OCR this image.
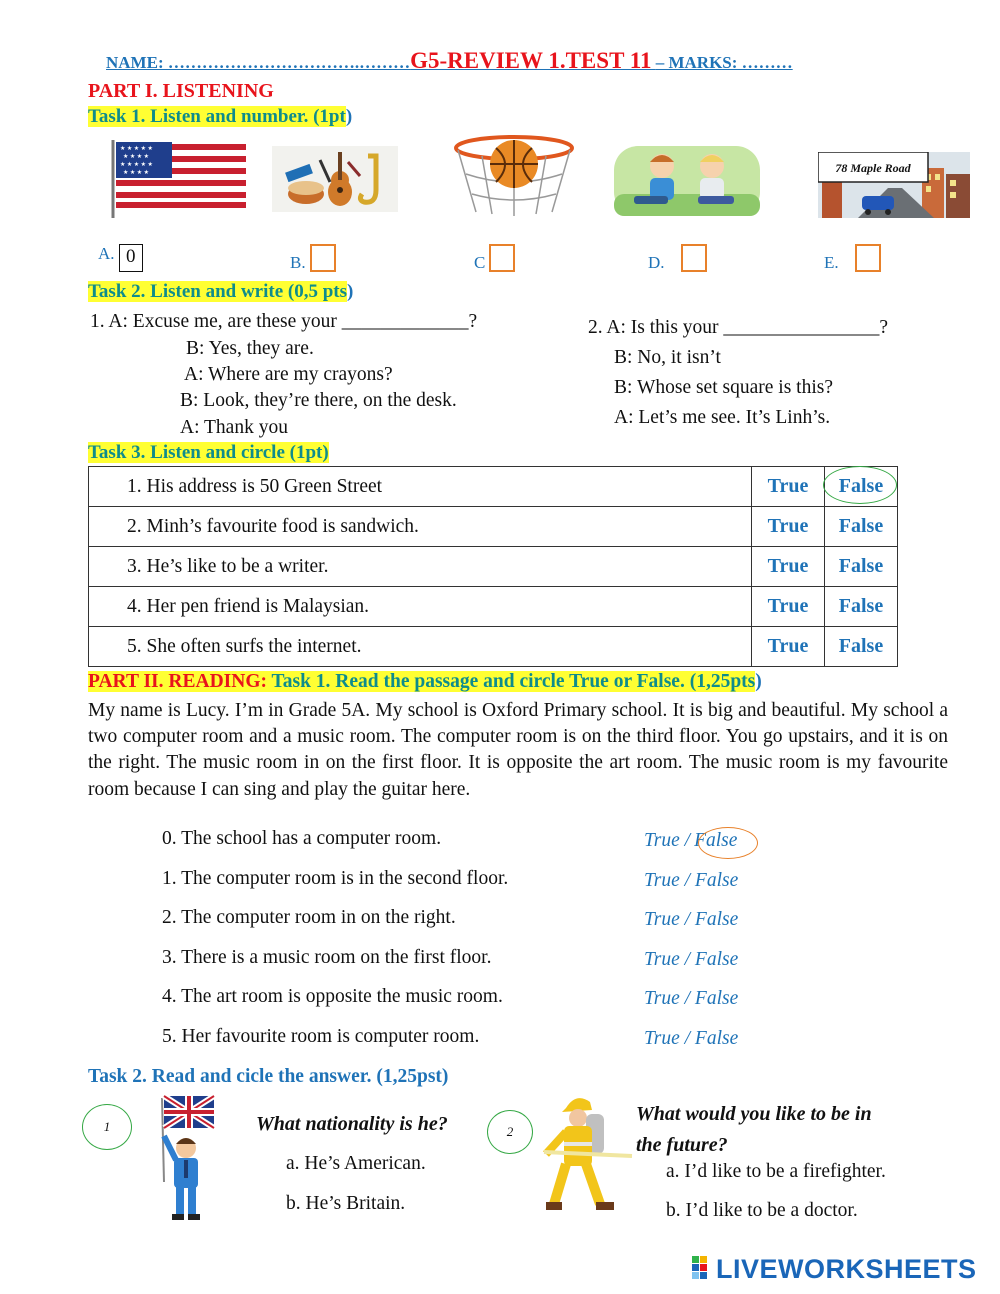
NAME: …………………………….………G5-REVIEW 1.TEST 11 – MARKS: ………
PART I. LISTENING
Task 1. Listen and number. (1pt)
★ ★ ★ ★ ★
★ ★ ★ ★
★ ★ ★ ★ ★
★ ★ ★ ★	78 Maple Road
A. 0	B.	C	D.	E.
Task 2. Listen and write (0,5 pts)
1. A: Excuse me, are these your _____________?
B: Yes, they are.
A: Where are my crayons?
B: Look, they’re there, on the desk.
A: Thank you
2. A: Is this your ________________?
B: No, it isn’t
B: Whose set square is this?
A: Let’s me see. It’s Linh’s.
Task 3. Listen and circle (1pt)
1. His address is 50 Green Street	True	False
2. Minh’s favourite food is sandwich.	True	False
3. He’s like to be a writer.	True	False
4. Her pen friend is Malaysian.	True	False
5. She often surfs the internet.	True	False
PART II. READING: Task 1. Read the passage and circle True or False. (1,25pts)
My name is Lucy. I’m in Grade 5A. My school is Oxford Primary school. It is big and beautiful. My school a two computer room and a music room. The computer room is on the third floor. You go upstairs, and it is on the right. The music room in on the first floor. It is opposite the art room. The music room is my favourite room because I can sing and play the guitar here.
0. The school has a computer room.	True / False
1. The computer room is in the second floor.	True / False
2. The computer room in on the right.	True / False
3. There is a music room on the first floor.	True / False
4. The art room is opposite the music room.	True / False
5. Her favourite room is computer room.	True / False
Task 2. Read and cicle the answer. (1,25pst)
1	What nationality is he?
a. He’s American.
b. He’s Britain.
2
What would you like to be in
the future?
a. I’d like to be a firefighter.
b. I’d like to be a doctor.
LIVEWORKSHEETS
